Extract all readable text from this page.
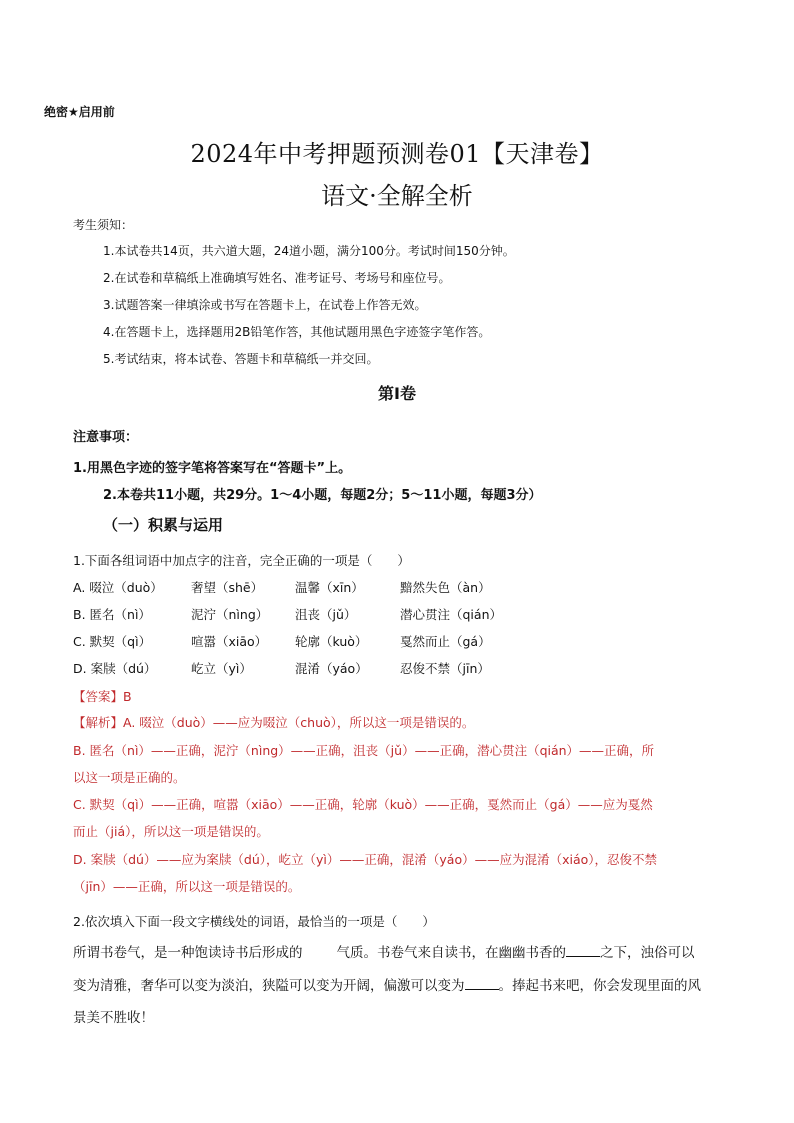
绝密★启用前
2024年中考押题预测卷01【天津卷】
语文·全解全析
考生须知：
1.本试卷共14页，共六道大题，24道小题，满分100分。考试时间150分钟。
2.在试卷和草稿纸上准确填写姓名、准考证号、考场号和座位号。
3.试题答案一律填涂或书写在答题卡上，在试卷上作答无效。
4.在答题卡上，选择题用2B铅笔作答，其他试题用黑色字迹签字笔作答。
5.考试结束，将本试卷、答题卡和草稿纸一并交回。
第Ⅰ卷
注意事项：
1.用黑色字迹的签字笔将答案写在“答题卡”上。
2.本卷共11小题，共29分。1～4小题，每题2分；5～11小题，每题3分）
（一）积累与运用
1.下面各组词语中加点字的注音，完全正确的一项是（　　）
A. 啜泣（duò） 奢望（shē）	温馨（xīn）	黯然失色（àn）
B. 匿名（nì）	泥泞（nìng） 沮丧（jǔ）	潜心贯注（qián）
C. 默契（qì）	喧嚣（xiāo） 轮廓（kuò）	戛然而止（gá）
D. 案牍（dú）	屹立（yì）	混淆（yáo）	忍俊不禁（jīn）
【答案】B
【解析】A. 啜泣（duò）——应为啜泣（chuò），所以这一项是错误的。
B. 匿名（nì）——正确，泥泞（nìng）——正确，沮丧（jǔ）——正确，潜心贯注（qián）——正确，所
以这一项是正确的。
C. 默契（qì）——正确，喧嚣（xiāo）——正确，轮廓（kuò）——正确，戛然而止（gá）——应为戛然
而止（jiá），所以这一项是错误的。
D. 案牍（dú）——应为案牍（dú），屹立（yì）——正确，混淆（yáo）——应为混淆（xiáo），忍俊不禁
（jīn）——正确，所以这一项是错误的。
2.依次填入下面一段文字横线处的词语，最恰当的一项是（　　）
所谓书卷气，是一种饱读诗书后形成的	气质。书卷气来自读书，在幽幽书香的	之下，浊俗可以
变为清雅，奢华可以变为淡泊，狭隘可以变为开阔，偏激可以变为	。捧起书来吧，你会发现里面的风
景美不胜收！
